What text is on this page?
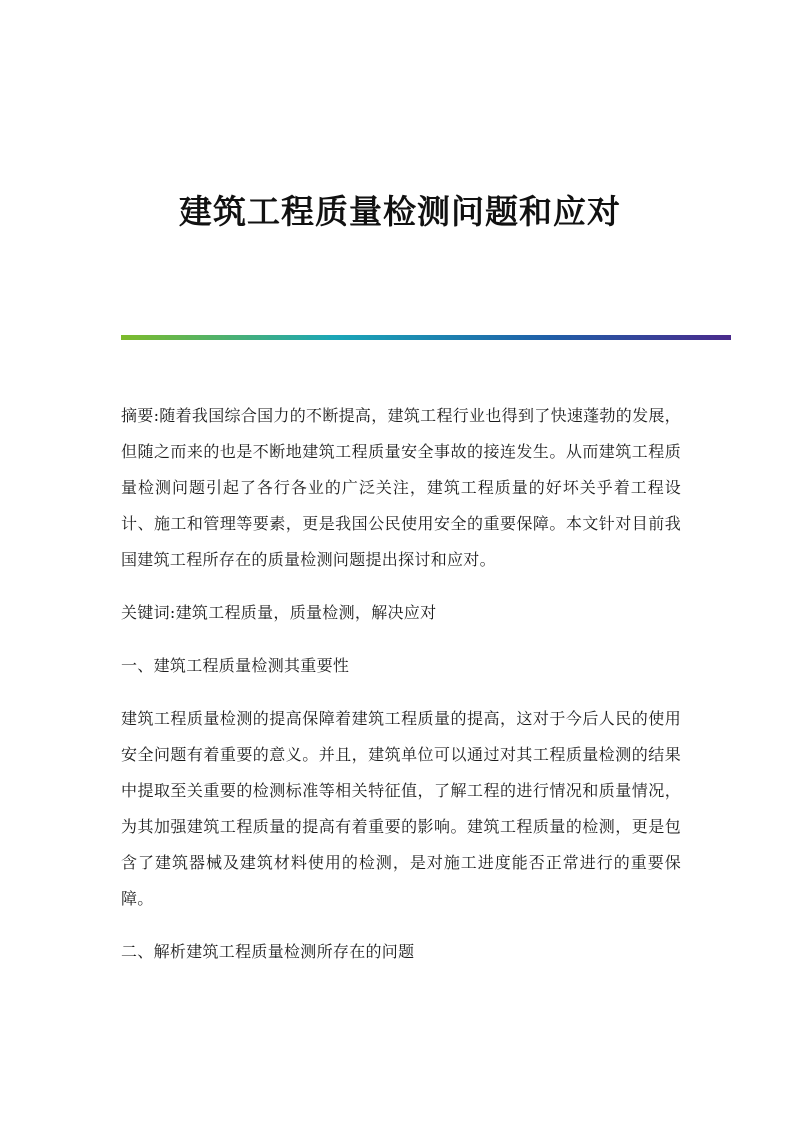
建筑工程质量检测问题和应对

摘要:随着我国综合国力的不断提高，建筑工程行业也得到了快速蓬勃的发展，但随之而来的也是不断地建筑工程质量安全事故的接连发生。从而建筑工程质量检测问题引起了各行各业的广泛关注，建筑工程质量的好坏关乎着工程设计、施工和管理等要素，更是我国公民使用安全的重要保障。本文针对目前我国建筑工程所存在的质量检测问题提出探讨和应对。

关键词:建筑工程质量，质量检测，解决应对

一、建筑工程质量检测其重要性

建筑工程质量检测的提高保障着建筑工程质量的提高，这对于今后人民的使用安全问题有着重要的意义。并且，建筑单位可以通过对其工程质量检测的结果中提取至关重要的检测标准等相关特征值，了解工程的进行情况和质量情况，为其加强建筑工程质量的提高有着重要的影响。建筑工程质量的检测，更是包含了建筑器械及建筑材料使用的检测，是对施工进度能否正常进行的重要保障。

二、解析建筑工程质量检测所存在的问题
